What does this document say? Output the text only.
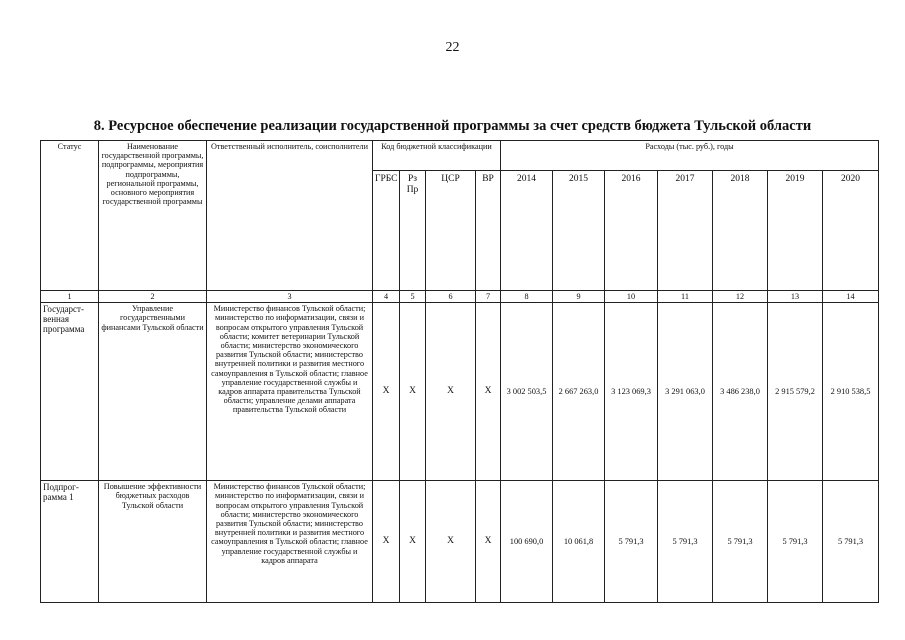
22
8. Ресурсное обеспечение реализации государственной программы за счет средств бюджета Тульской области
Статус	Наименование государственной программы, подпрограммы, мероприятия подпрограммы, региональной программы, основного мероприятия государственной программы	Ответственный исполнитель, соисполнители	Код бюджетной классификации				Расходы (тыс. руб.), годы						
			ГРБС	Рз Пр	ЦСР	ВР	2014	2015	2016	2017	2018	2019	2020
1	2	3	4	5	6	7	8	9	10	11	12	13	14
Государст-венная программа	Управление государственными финансами Тульской области	Министерство финансов Тульской области; министерство по информатизации, связи и вопросам открытого управления Тульской области; комитет ветеринарии Тульской области; министерство экономического развития Тульской области; министерство внутренней политики и развития местного самоуправления в Тульской области; главное управление государственной службы и кадров аппарата правительства Тульской области; управление делами аппарата правительства Тульской области	Х	Х	Х	Х	3 002 503,5	2 667 263,0	3 123 069,3	3 291 063,0	3 486 238,0	2 915 579,2	2 910 538,5
Подпрог-рамма 1	Повышение эффективности бюджетных расходов Тульской области	Министерство финансов Тульской области; министерство по информатизации, связи и вопросам открытого управления Тульской области; министерство экономического развития Тульской области; министерство внутренней политики и развития местного самоуправления в Тульской области; главное управление государственной службы и кадров аппарата	Х	Х	Х	Х	100 690,0	10 061,8	5 791,3	5 791,3	5 791,3	5 791,3	5 791,3
